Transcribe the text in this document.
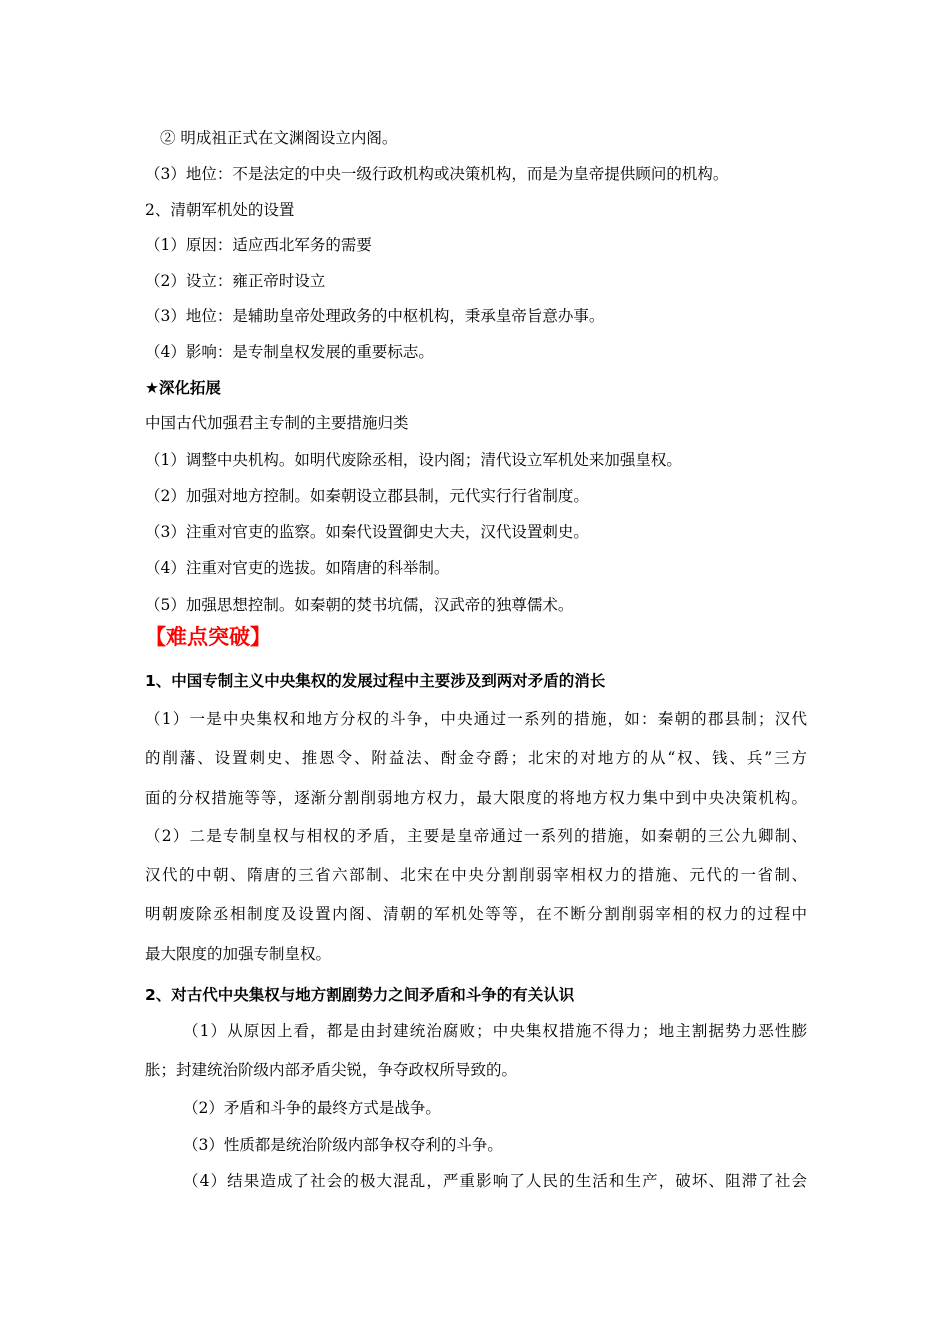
② 明成祖正式在文渊阁设立内阁。
（3）地位：不是法定的中央一级行政机构或决策机构，而是为皇帝提供顾问的机构。
2、清朝军机处的设置
（1）原因：适应西北军务的需要
（2）设立：雍正帝时设立
（3）地位：是辅助皇帝处理政务的中枢机构，秉承皇帝旨意办事。
（4）影响：是专制皇权发展的重要标志。
★深化拓展
中国古代加强君主专制的主要措施归类
（1）调整中央机构。如明代废除丞相，设内阁；清代设立军机处来加强皇权。
（2）加强对地方控制。如秦朝设立郡县制，元代实行行省制度。
（3）注重对官吏的监察。如秦代设置御史大夫，汉代设置刺史。
（4）注重对官吏的选拔。如隋唐的科举制。
（5）加强思想控制。如秦朝的焚书坑儒，汉武帝的独尊儒术。
【难点突破】
1、中国专制主义中央集权的发展过程中主要涉及到两对矛盾的消长
（1）一是中央集权和地方分权的斗争，中央通过一系列的措施，如：秦朝的郡县制；汉代
的削藩、设置刺史、推恩令、附益法、酎金夺爵；北宋的对地方的从“权、钱、兵”三方
面的分权措施等等，逐渐分割削弱地方权力，最大限度的将地方权力集中到中央决策机构。
（2）二是专制皇权与相权的矛盾，主要是皇帝通过一系列的措施，如秦朝的三公九卿制、
汉代的中朝、隋唐的三省六部制、北宋在中央分割削弱宰相权力的措施、元代的一省制、
明朝废除丞相制度及设置内阁、清朝的军机处等等，在不断分割削弱宰相的权力的过程中
最大限度的加强专制皇权。
2、对古代中央集权与地方割剧势力之间矛盾和斗争的有关认识
（1）从原因上看，都是由封建统治腐败；中央集权措施不得力；地主割据势力恶性膨
胀；封建统治阶级内部矛盾尖锐，争夺政权所导致的。
（2）矛盾和斗争的最终方式是战争。
（3）性质都是统治阶级内部争权夺利的斗争。
（4）结果造成了社会的极大混乱，严重影响了人民的生活和生产，破坏、阻滞了社会
